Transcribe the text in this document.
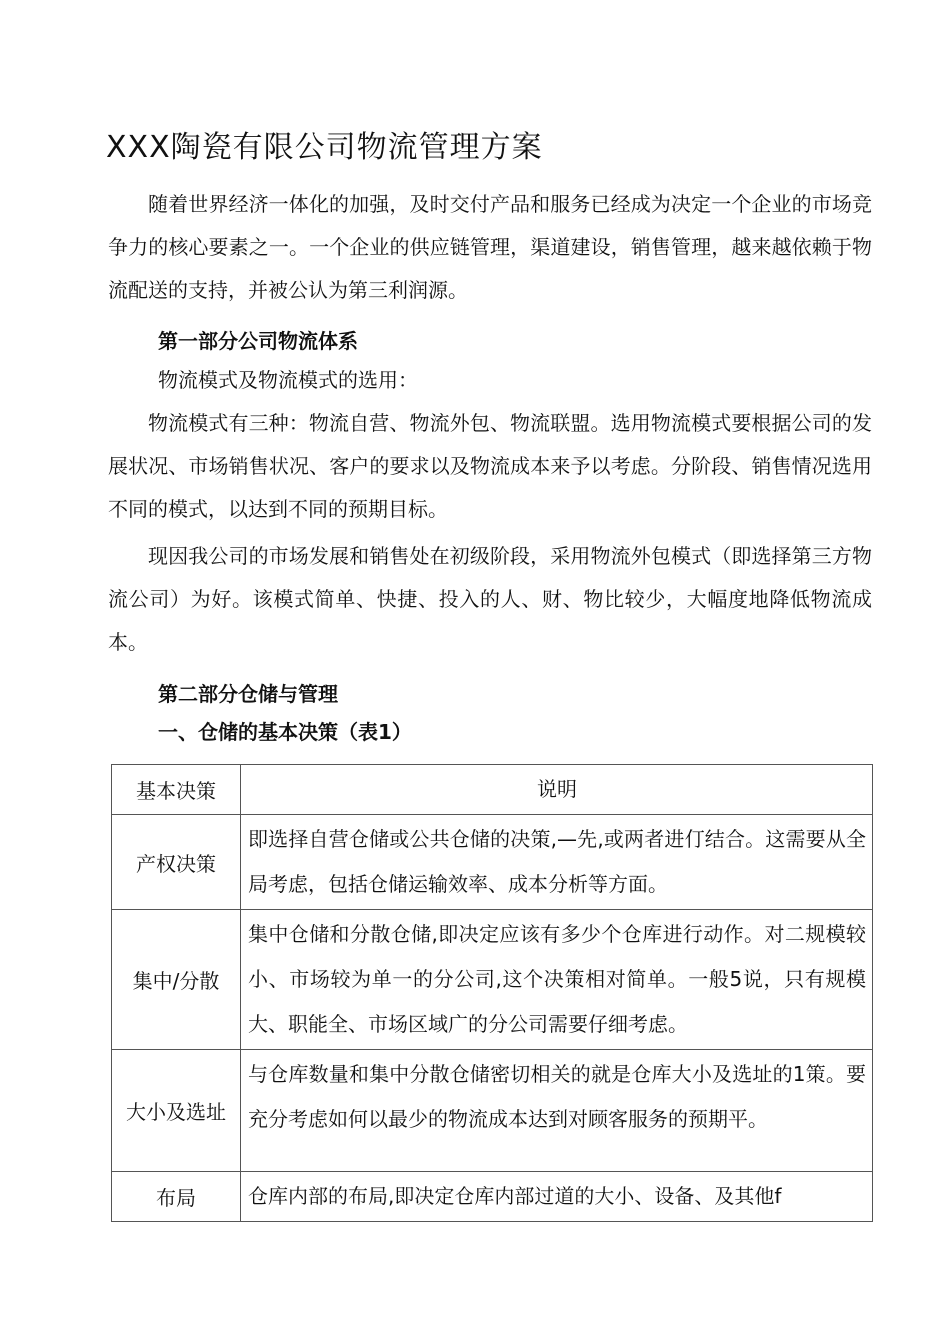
XXX陶瓷有限公司物流管理方案

随着世界经济一体化的加强，及时交付产品和服务已经成为决定一个企业的市场竞争力的核心要素之一。一个企业的供应链管理，渠道建设，销售管理，越来越依赖于物流配送的支持，并被公认为第三利润源。

第一部分公司物流体系
物流模式及物流模式的选用：

物流模式有三种：物流自营、物流外包、物流联盟。选用物流模式要根据公司的发展状况、市场销售状况、客户的要求以及物流成本来予以考虑。分阶段、销售情况选用不同的模式，以达到不同的预期目标。

现因我公司的市场发展和销售处在初级阶段，采用物流外包模式（即选择第三方物流公司）为好。该模式简单、快捷、投入的人、财、物比较少，大幅度地降低物流成本。

第二部分仓储与管理
一、仓储的基本决策（表1）
基本决策	说明
产权决策	即选择自营仓储或公共仓储的决策,—先,或两者进仃结合。这需要从全局考虑，包括仓储运输效率、成本分析等方面。
集中/分散	集中仓储和分散仓储,即决定应该有多少个仓库进行动作。对二规模较小、市场较为单一的分公司,这个决策相对简单。一般5说，只有规模大、职能全、市场区域广的分公司需要仔细考虑。
大小及选址	与仓库数量和集中分散仓储密切相关的就是仓库大小及选址的1策。要充分考虑如何以最少的物流成本达到对顾客服务的预期平。
布局	仓库内部的布局,即决定仓库内部过道的大小、设备、及其他f
